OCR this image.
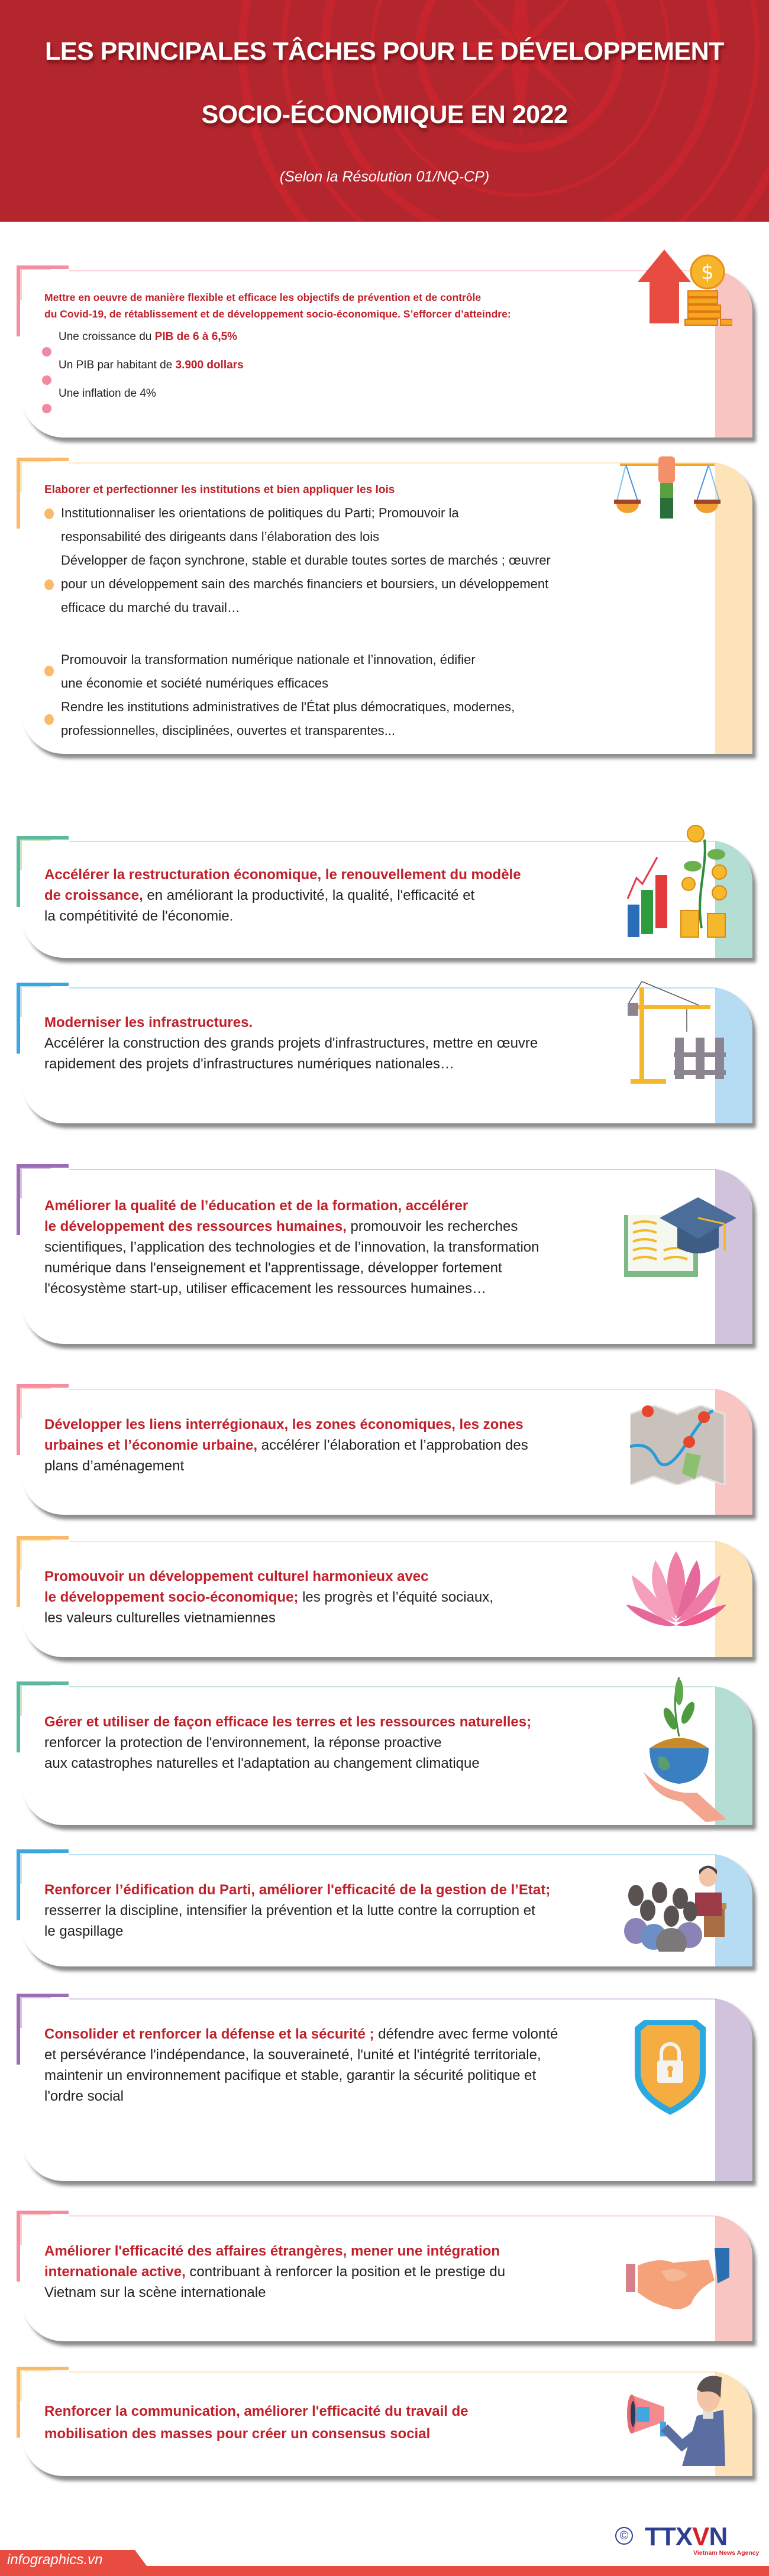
LES PRINCIPALES TÂCHES POUR LE DÉVELOPPEMENT
SOCIO-ÉCONOMIQUE EN 2022
(Selon la Résolution 01/NQ-CP)
Mettre en oeuvre de manière flexible et efficace les objectifs de prévention et de contrôle
du Covid-19, de rétablissement et de développement socio-économique. S’efforcer d’atteindre:
Une croissance du PIB de 6 à 6,5%
Un PIB par habitant de 3.900 dollars
Une inflation de 4%
$
Elaborer et perfectionner les institutions et bien appliquer les lois
Institutionnaliser les orientations de politiques du Parti; Promouvoir la
responsabilité des dirigeants dans l’élaboration des lois
Développer de façon synchrone, stable et durable toutes sortes de marchés ; œuvrer
pour un développement sain des marchés financiers et boursiers, un développement
efficace du marché du travail…
Promouvoir la transformation numérique nationale et l’innovation, édifier
une économie et société numériques efficaces
Rendre les institutions administratives de l'État plus démocratiques, modernes,
professionnelles, disciplinées, ouvertes et transparentes...
Accélérer la restructuration économique, le renouvellement du modèle
de croissance, en améliorant la productivité, la qualité, l'efficacité et
la compétitivité de l'économie.
Moderniser les infrastructures.
Accélérer la construction des grands projets d'infrastructures, mettre en œuvre
rapidement des projets d'infrastructures numériques nationales…
Améliorer la qualité de l’éducation et de la formation, accélérer
le développement des ressources humaines, promouvoir les recherches
scientifiques, l’application des technologies et de l’innovation, la transformation
numérique dans l'enseignement et l'apprentissage, développer fortement
l'écosystème start-up, utiliser efficacement les ressources humaines…
Développer les liens interrégionaux, les zones économiques, les zones
urbaines et l’économie urbaine, accélérer l’élaboration et l’approbation des
plans d’aménagement
Promouvoir un développement culturel harmonieux avec
le développement socio-économique; les progrès et l’équité sociaux,
les valeurs culturelles vietnamiennes
Gérer et utiliser de façon efficace les terres et les ressources naturelles;
renforcer la protection de l'environnement, la réponse proactive
aux catastrophes naturelles et l'adaptation au changement climatique
Renforcer l’édification du Parti, améliorer l'efficacité de la gestion de l’Etat;
resserrer la discipline, intensifier la prévention et la lutte contre la corruption et
le gaspillage
Consolider et renforcer la défense et la sécurité ; défendre avec ferme volonté
et persévérance l'indépendance, la souveraineté, l'unité et l'intégrité territoriale,
maintenir un environnement pacifique et stable, garantir la sécurité politique et
l'ordre social
Améliorer l'efficacité des affaires étrangères, mener une intégration
internationale active, contribuant à renforcer la position et le prestige du
Vietnam sur la scène internationale
Renforcer la communication, améliorer l'efficacité du travail de
mobilisation des masses pour créer un consensus social
© TTXVN
Vietnam News Agency
infographics.vn
